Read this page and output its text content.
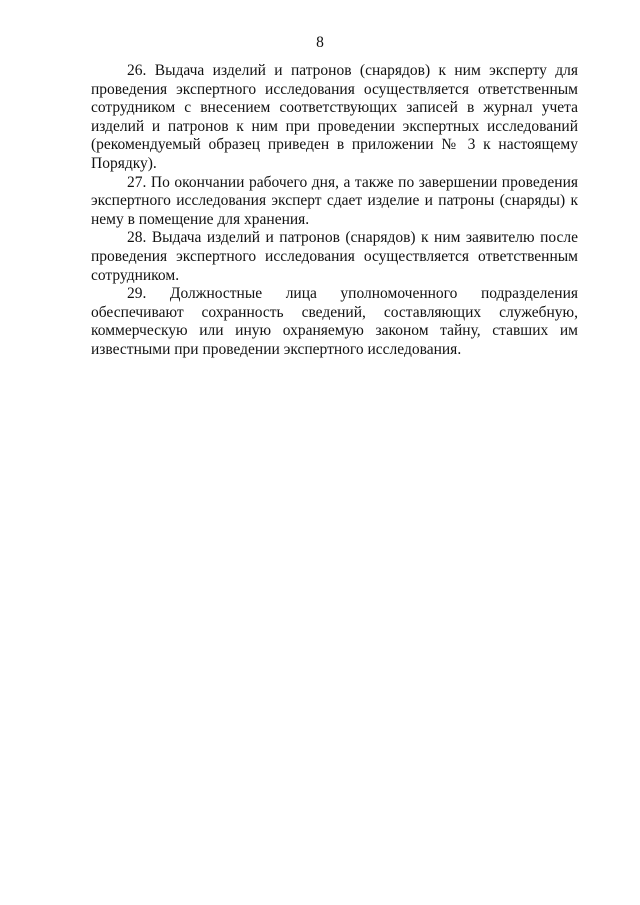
8

26. Выдача изделий и патронов (снарядов) к ним эксперту для проведения экспертного исследования осуществляется ответственным сотрудником с внесением соответствующих записей в журнал учета изделий и патронов к ним при проведении экспертных исследований (рекомендуемый образец приведен в приложении № 3 к настоящему Порядку).

27. По окончании рабочего дня, а также по завершении проведения экспертного исследования эксперт сдает изделие и патроны (снаряды) к нему в помещение для хранения.

28. Выдача изделий и патронов (снарядов) к ним заявителю после проведения экспертного исследования осуществляется ответственным сотрудником.

29. Должностные лица уполномоченного подразделения обеспечивают сохранность сведений, составляющих служебную, коммерческую или иную охраняемую законом тайну, ставших им известными при проведении экспертного исследования.
